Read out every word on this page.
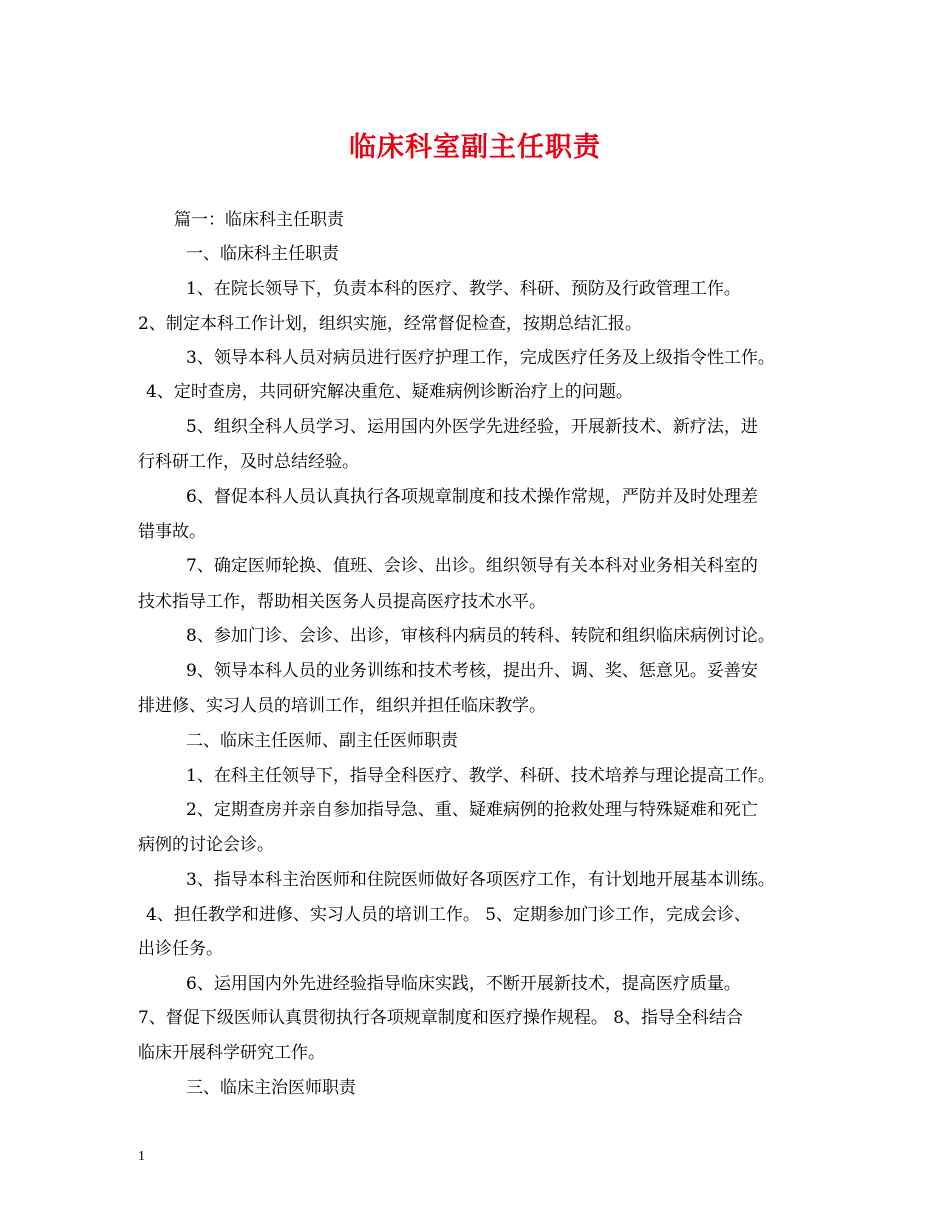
临床科室副主任职责

篇一：临床科主任职责

一、临床科主任职责

1、在院长领导下，负责本科的医疗、教学、科研、预防及行政管理工作。

2、制定本科工作计划，组织实施，经常督促检查，按期总结汇报。

3、领导本科人员对病员进行医疗护理工作，完成医疗任务及上级指令性工作。

4、定时查房，共同研究解决重危、疑难病例诊断治疗上的问题。

5、组织全科人员学习、运用国内外医学先进经验，开展新技术、新疗法，进

行科研工作，及时总结经验。

6、督促本科人员认真执行各项规章制度和技术操作常规，严防并及时处理差

错事故。

7、确定医师轮换、值班、会诊、出诊。组织领导有关本科对业务相关科室的

技术指导工作，帮助相关医务人员提高医疗技术水平。

8、参加门诊、会诊、出诊，审核科内病员的转科、转院和组织临床病例讨论。

9、领导本科人员的业务训练和技术考核，提出升、调、奖、惩意见。妥善安

排进修、实习人员的培训工作，组织并担任临床教学。

二、临床主任医师、副主任医师职责

1、在科主任领导下，指导全科医疗、教学、科研、技术培养与理论提高工作。

2、定期查房并亲自参加指导急、重、疑难病例的抢救处理与特殊疑难和死亡

病例的讨论会诊。

3、指导本科主治医师和住院医师做好各项医疗工作，有计划地开展基本训练。

4、担任教学和进修、实习人员的培训工作。 5、定期参加门诊工作，完成会诊、

出诊任务。

6、运用国内外先进经验指导临床实践，不断开展新技术，提高医疗质量。

7、督促下级医师认真贯彻执行各项规章制度和医疗操作规程。 8、指导全科结合

临床开展科学研究工作。

三、临床主治医师职责

1
